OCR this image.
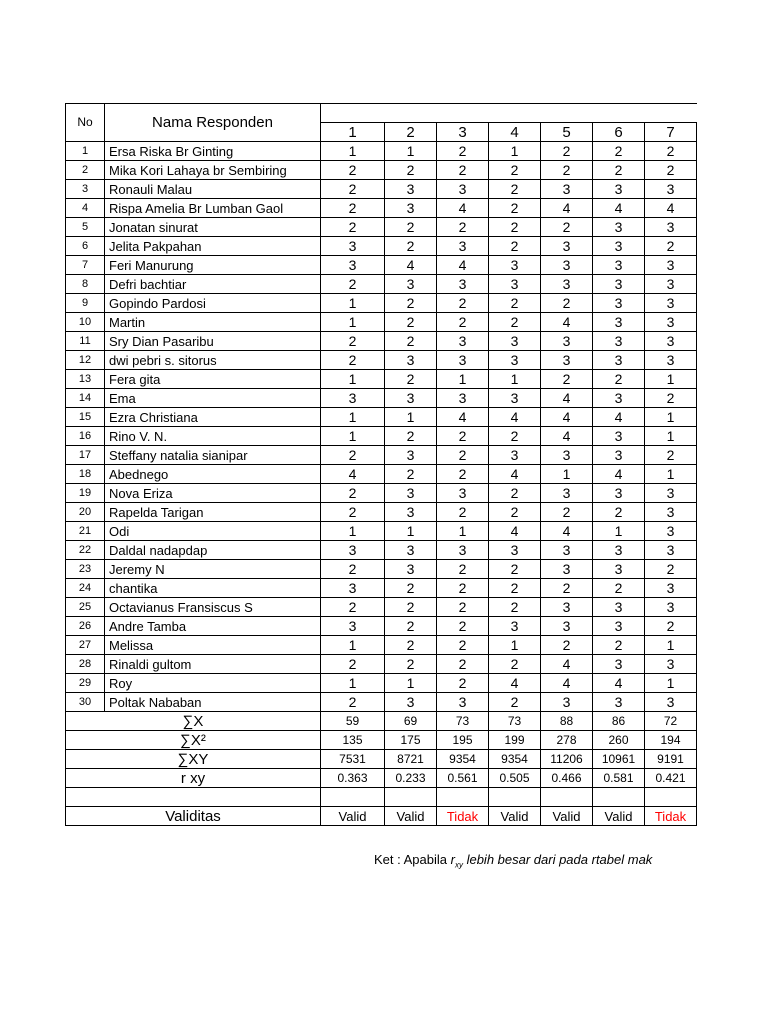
No	Nama Responden							
		1	2	3	4	5	6	7
1	Ersa Riska Br Ginting	1	1	2	1	2	2	2
2	Mika Kori Lahaya br Sembiring	2	2	2	2	2	2	2
3	Ronauli Malau	2	3	3	2	3	3	3
4	Rispa Amelia Br Lumban Gaol	2	3	4	2	4	4	4
5	Jonatan sinurat	2	2	2	2	2	3	3
6	Jelita Pakpahan	3	2	3	2	3	3	2
7	Feri Manurung	3	4	4	3	3	3	3
8	Defri bachtiar	2	3	3	3	3	3	3
9	Gopindo Pardosi	1	2	2	2	2	3	3
10	Martin	1	2	2	2	4	3	3
11	Sry Dian Pasaribu	2	2	3	3	3	3	3
12	dwi pebri s. sitorus	2	3	3	3	3	3	3
13	Fera gita	1	2	1	1	2	2	1
14	Ema	3	3	3	3	4	3	2
15	Ezra Christiana	1	1	4	4	4	4	1
16	Rino V. N.	1	2	2	2	4	3	1
17	Steffany natalia sianipar	2	3	2	3	3	3	2
18	Abednego	4	2	2	4	1	4	1
19	Nova Eriza	2	3	3	2	3	3	3
20	Rapelda Tarigan	2	3	2	2	2	2	3
21	Odi	1	1	1	4	4	1	3
22	Daldal nadapdap	3	3	3	3	3	3	3
23	Jeremy N	2	3	2	2	3	3	2
24	chantika	3	2	2	2	2	2	3
25	Octavianus Fransiscus S	2	2	2	2	3	3	3
26	Andre Tamba	3	2	2	3	3	3	2
27	Melissa	1	2	2	1	2	2	1
28	Rinaldi gultom	2	2	2	2	4	3	3
29	Roy	1	1	2	4	4	4	1
30	Poltak Nababan	2	3	3	2	3	3	3
∑X		59	69	73	73	88	86	72
∑X²		135	175	195	199	278	260	194
∑XY		7531	8721	9354	9354	11206	10961	9191
r xy		0.363	0.233	0.561	0.505	0.466	0.581	0.421

Validitas		Valid	Valid	Tidak	Valid	Valid	Valid	Tidak
Ket : Apabila $r_{xy}$ lebih besar dari pada rtabel mak
